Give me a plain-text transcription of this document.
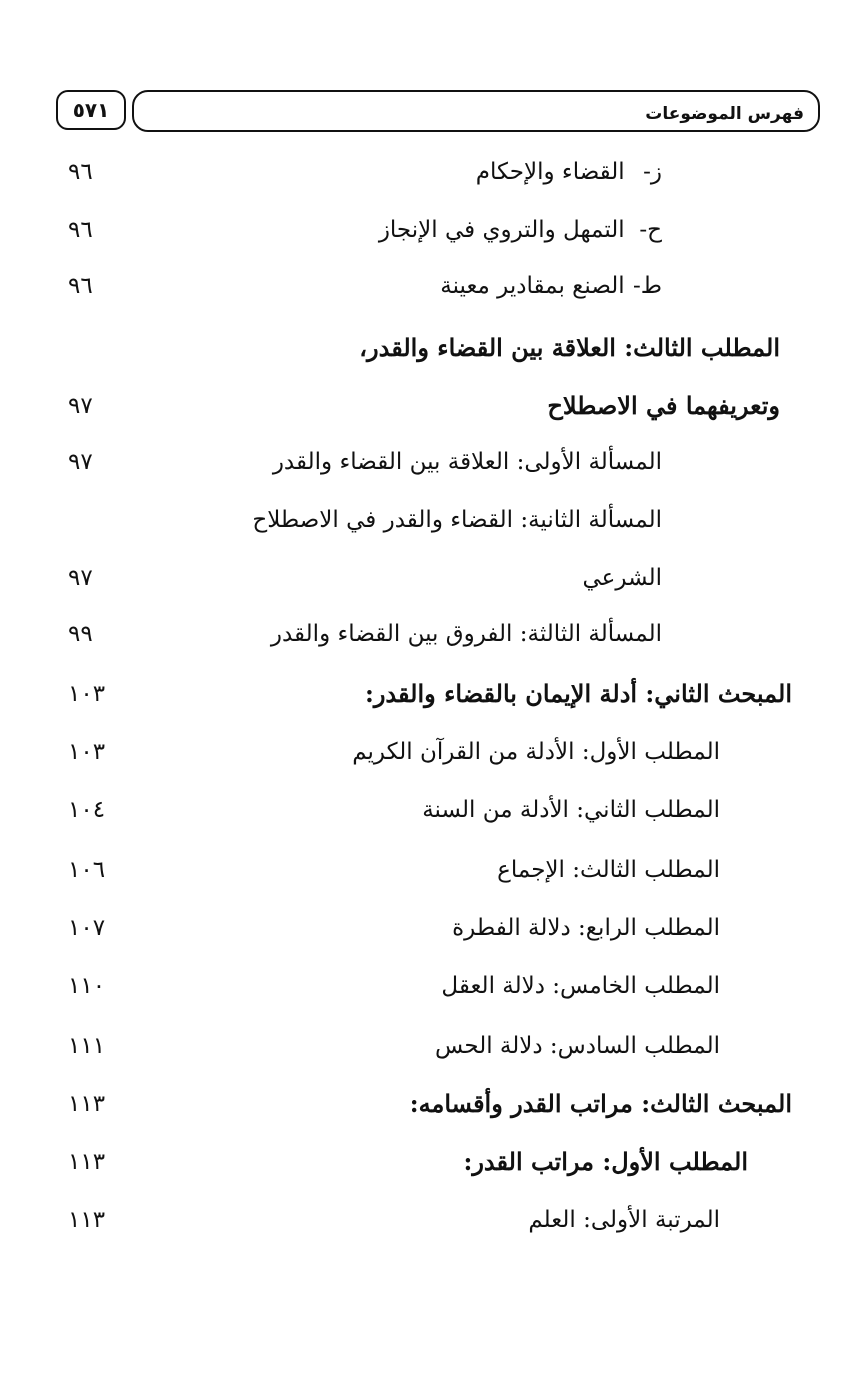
٥٧١	فهرس الموضوعات
ز- القضاء والإحكام
٩٦
ح- التمهل والتروي في الإنجاز
٩٦
ط- الصنع بمقادير معينة
٩٦
المطلب الثالث: العلاقة بين القضاء والقدر،
وتعريفهما في الاصطلاح
٩٧
المسألة الأولى: العلاقة بين القضاء والقدر
٩٧
المسألة الثانية: القضاء والقدر في الاصطلاح
الشرعي
٩٧
المسألة الثالثة: الفروق بين القضاء والقدر
٩٩
المبحث الثاني: أدلة الإيمان بالقضاء والقدر:
١٠٣
المطلب الأول: الأدلة من القرآن الكريم
١٠٣
المطلب الثاني: الأدلة من السنة
١٠٤
المطلب الثالث: الإجماع
١٠٦
المطلب الرابع: دلالة الفطرة
١٠٧
المطلب الخامس: دلالة العقل
١١٠
المطلب السادس: دلالة الحس
١١١
المبحث الثالث: مراتب القدر وأقسامه:
١١٣
المطلب الأول: مراتب القدر:
١١٣
المرتبة الأولى: العلم
١١٣
